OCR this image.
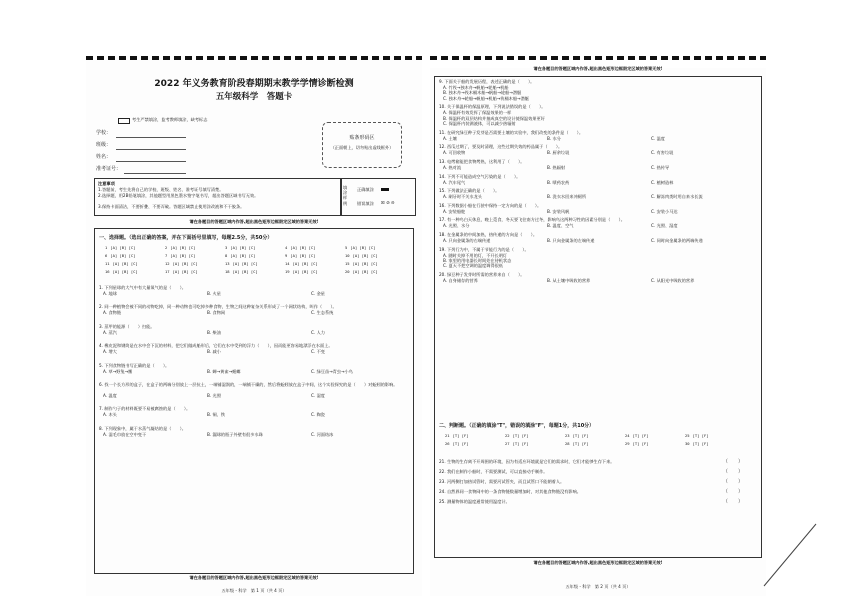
2022 年义务教育阶段春期期末教学学情诊断检测
五年级科学　答题卡
考生严禁填涂，监考教师填涂，缺考标志
学校：
班级：
姓名：
准考证号：
贴条形码区
（正面朝上，切勿贴出虚线框外）
注意事项
1.答题前，考生先将自己的学校、班级、姓名、准考证号填写清楚。
2.选择题，用2B铅笔填涂，其他题型用黑色墨水签字笔书写，超出答题区域书写无效。
3.保持卡面清洁，不要折叠、不要弄破。答题区域禁止使用涂改液和不干胶条。
填涂样例
正确填涂
错误填涂 ☒ ⊘ ⊝
请在各题目的答题区域内作答,超出黑色矩形边框限定区域的答案无效!
一、选择题。（选出正确的答案，并在下面括号里填写，每题2.5分，共50分）
1 [A] [B] [C]	2 [A] [B] [C]	3 [A] [B] [C]	4 [A] [B] [C]	5 [A] [B] [C]
6 [A] [B] [C]	7 [A] [B] [C]	8 [A] [B] [C]	9 [A] [B] [C]	10 [A] [B] [C]
11 [A] [B] [C]	12 [A] [B] [C]	13 [A] [B] [C]	14 [A] [B] [C]	15 [A] [B] [C]
16 [A] [B] [C]	17 [A] [B] [C]	18 [A] [B] [C]	19 [A] [B] [C]	20 [A] [B] [C]
1. 下列星球的大气中有大量氧气的是（　　）。
A. 地球	B. 火星	C. 金星
2. 同一种植物会被不同的动物吃掉，同一种动物也可吃掉多种食物，生物之间这种复杂关系形成了一个网状结构，叫作（　　）。
A. 食物链	B. 食物网	C. 生态系统
3. 蒸甲的能源（　　）扫能。
A. 蒸汽	B. 柴油	C. 人力
4. 橡皮泥和钢筒是在水中会下沉的材料，把它们做成船形后，它们在水中受到的浮力（　　），因而能更容易地漂浮在水面上。
A. 增大	B. 减小	C. 不变
5. 下列食物链书写正确的是（　　）。
A. 草→野兔→鹰	B. 蝉→黄雀→螳螂	C. 绿豆苗→青虫→小鸟
6. 找一个长方形的盒子，在盒子的两端分别放上一层抗土，一端铺湿润的，一端铺干燥的，然后将蚯蚓放在盒子中间，这个实验探究的是（　　）对蚯蚓的影响。
A. 温度	B. 光照	C. 湿度
7. 制作勺子的材料既要不易被腐蚀的是（　　）。
A. 木头	B. 铜、铁	C. 陶瓷
8. 下列现象中，属于水蒸气凝结的是（　　）。
A. 湿毛巾放在空中变干	B. 漏球的瓶子外壁有很多水珠	C. 河面结冰
请在各题目的答题区域内作答,超出黑色矩形边框限定区域的答案无效!
五年级・科学　第 1 页（共 4 页）
请在各题目的答题区域内作答,超出黑色矩形边框限定区域的答案无效!
9. 下面关于船的发展历程，表述正确的是（　　）。
A. 竹筏→独木舟→帆船→轮船→机船
B. 独木舟→筏木桶木船→帆船→轮船→潜艇
C. 独木舟→轮船→帆船→机船→筏桶木船→潜艇
10. 关于保温杯的保温原理，下列说法错误的是（　　）。
A. 保温杯有效发挥了保温效果的一样
B. 保温杯的双层结构并抽成真空的设计使保温效果更好
C. 保温杯内装满液体，可以减少热辐射
11. 在研究绿豆种子发芽是否需要土壤的实验中，我们改变的条件是（　　）。
A. 土壤	B. 水分	C. 温度
12. 西瓜过期了，要及时清理，这些过期失效的药品属于（　　）。
A. 可回收物	B. 厨余垃圾	C. 有害垃圾
13. 电烤箱能把食物烤热，这利用了（　　）。
A. 热对流	B. 热辐射	C. 热传导
14. 下列不可能造成空气污染的是（　　）。
A. 汽车尾气	B. 喷药农药	C. 植树造林
15. 下列做法正确的是（　　）。
A. 刷牙时不关水龙头	B. 洗衣水回来冲厕所	C. 解冻肉类时用自来水长流
16. 下列数据小船在行驶中保持一定方向的是（　　）。
A. 安装船舵	B. 安装风帆	C. 安装小马达
17. 有一种鸟白天休息，晚上觅食，冬天要飞往南方过冬，影响鸟这两种习性的因素分别是（　　）。
A. 光照、水分	B. 温度、空气	C. 光照、湿度
18. 在金属条的中间加热，热传递的方向是（　　）。
A. 只向金属条的右端传递	B. 只向金属条的左端传递	C. 同时向金属条的两端传递
19. 下列行为中，不属于节能行为的是（　　）。
A. 随时关掉不用的灯，不开长明灯
B. 家里的用电器长时间处在待机状态
C. 夏天不把空调的温度调得很低
20. 绿豆种子发芽时所需的营养来自（　　）。
A. 自身储存的营养	B. 从土壤中吸收的营养	C. 从阳光中吸收的营养
二、判断题。（正确的填涂"T"，错误的填涂"F"，每题1分，共10分）
21 [T] [F]	22 [T] [F]	23 [T] [F]	24 [T] [F]	25 [T] [F]
26 [T] [F]	27 [T] [F]	28 [T] [F]	29 [T] [F]	30 [T] [F]
21. 生物的生存离不开周围的环境，因为有适应环境就是它们的需求时，它们才能够生存下来。	（　　）
22. 我们在制作小船时，不需要测试，可以直接动手制作。	（　　）
23. 河两侧打加热试管时，需要河试管夹，而且试管口不能朝着人。	（　　）
24. 自然界同一食物网中的一条食物链数量增加时，对其他食物链没有影响。	（　　）
25. 测量物体的温度通常使用温度计。	（　　）
请在各题目的答题区域内作答,超出黑色矩形边框限定区域的答案无效!
五年级・科学　第 2 页（共 4 页）
